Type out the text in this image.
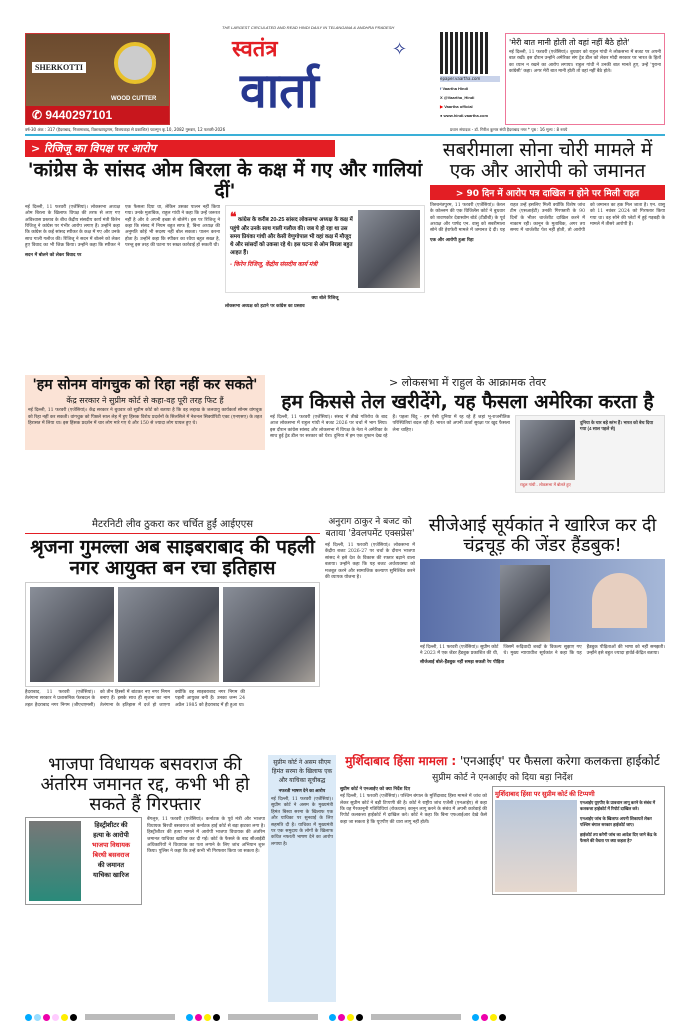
SHERKOTTI
WOOD CUTTER
✆ 9440297101
THE LARGEST CIRCULATED AND READ HINDI DAILY IN TELANGANA & ANDHRA PRADESH
स्वतंत्र	✧
वार्ता	epaper.vaartha.com
f Vaartha Hindi
X @Vaartha_Hindi
▶ Vaartha official
● www.hindi.vaartha.com
'मेरी बात मानी होती तो वहां नहीं बैठे होते'
नई दिल्ली, 11 फरवरी (एजेंसियां)। बुधवार को राहुल गांधी ने लोकसभा में बजट पर अपनी बात रखी। इस दौरान उन्होंने अमेरिका संग ट्रेड डील को लेकर मोदी सरकार पर भारत के हितों का ध्यान न रखने का आरोप लगाया। राहुल गांधी ने उनकी बात मानते हुए, उन्हें 'पुराना कांग्रेसी' कहा। अगर मेरी बात मानी होती तो वहां नहीं बैठे होते।
वर्ष-30 अंक : 317 (हैदराबाद, निजामाबाद, विशाखापट्टणम, विजयवाड़ा से प्रकाशित) फाल्गुन कृ.10, 2082 गुरुवार, 12 फरवरी-2026	प्रधान संपादक - डॉ. गिरीश कुमार संघी हैदराबाद नगर * पृष्ठ : 16 मूल्य : 8 रुपये
> रिजिजू का विपक्ष पर आरोप
'कांग्रेस के सांसद ओम बिरला के कक्ष में गए और गालियां दीं'
नई दिल्ली, 11 फरवरी (एजेंसियां)। लोकसभा अध्यक्ष ओम बिरला के खिलाफ विपक्ष की तरफ से लाए गए अविश्वास प्रस्ताव के बीच केंद्रीय संसदीय कार्य मंत्री किरेन रिजिजू ने कांग्रेस पर गंभीर आरोप लगाए हैं। उन्होंने कहा कि कांग्रेस के कई सांसद स्पीकर के कक्ष में गए और उनके साथ गाली गलौज की। रिजिजू ने सदन में बोलने को लेकर हुए विवाद का भी जिक्र किया। उन्होंने कहा कि स्पीकर ने एक फैसला दिया था, लेकिन उसका पालन नहीं किया गया। उनके मुताबिक, राहुल गांधी ने कहा कि उन्हें जरूरत नहीं है और वे अपनी इच्छा से बोलेंगे। इस पर रिजिजू ने कहा कि संसद में नियम बहुत साफ हैं, बिना अध्यक्ष की अनुमति कोई भी सदस्य नहीं बोल सकता। पालन करना होता है। उन्होंने कहा कि स्पीकर का रवैया बहुत सख्त है, परन्तु इस तरह की घटना पर सख्त कार्रवाई हो सकती थी।
सदन में बोलने को लेकर विवाद पर
❝ कांग्रेस के करीब 20-25 सांसद लोकसभा अध्यक्ष के कक्ष में पहुंचे और उनके साथ गाली गलौज की। जब ये हो रहा था उस समय प्रियंका गांधी और केसी वेणुगोपाल भी वहां कक्ष में मौजूद थे और सांसदों को उकसा रहे थे। इस घटना से ओम बिरला बहुत आहत हैं।
- किरेन रिजिजू, केंद्रीय संसदीय कार्य मंत्री
क्या बोले रिजिजू
लोकसभा अध्यक्ष को हटाने पर कांग्रेस का प्रस्ताव
सबरीमाला सोना चोरी मामले में एक और आरोपी को जमानत
> 90 दिन में आरोप पत्र दाखिल न होने पर मिली राहत
तिरुवनंतपुरम, 11 फरवरी (एजेंसियां)। केरल के कोल्लम की एक विजिलेंस कोर्ट ने बुधवार को त्रावणकोर देवास्वोम बोर्ड (टीडीबी) के पूर्व अध्यक्ष और पार्षद एन. वासु को सबरीमाला सोने की हेराफेरी मामले में जमानत दे दी। यह राहत उन्हें इसलिए मिली क्योंकि विशेष जांच टीम (एसआईटी) उनकी गिरफ्तारी के 90 दिनों के भीतर चार्जशीट दाखिल करने में नाकाम रही। कानून के मुताबिक, अगर तय समय में चार्जशीट पेश नहीं होती, तो आरोपी को जमानत का हक मिल जाता है। एन. वासु को 11 नवंबर 2024 को गिरफ्तार किया गया था। वह सोने की प्लेटों में हुई गड़बड़ी के मामले में तीसरे आरोपी हैं।
एक और आरोपी हुआ रिहा
'हम सोनम वांगचुक को रिहा नहीं कर सकते'
केंद्र सरकार ने सुप्रीम कोर्ट से कहा-वह पूरी तरह फिट हैं
नई दिल्ली, 11 फरवरी (एजेंसियां)। केंद्र सरकार ने बुधवार को सुप्रीम कोर्ट को बताया है कि वह लद्दाख के जलवायु कार्यकर्ता सोनम वांगचुक को रिहा नहीं कर सकती। वांगचुक को पिछले साल लेह में हुए हिंसक विरोध प्रदर्शनों के सिलसिले में नेशनल सिक्योरिटी एक्ट (एनएसए) के तहत हिरासत में लिया था। इस हिंसक प्रदर्शन में चार लोग मारे गए थे और 150 से ज्यादा लोग घायल हुए थे।
> लोकसभा में राहुल के आक्रामक तेवर
हम किससे तेल खरीदेंगे, यह फैसला अमेरिका करता है
नई दिल्ली, 11 फरवरी (एजेंसियां)। संसद में तीखे गतिरोध के बाद आज लोकसभा में राहुल गांधी ने बजट 2026 पर चर्चा में भाग लिया। इस दौरान कांग्रेस सांसद और लोकसभा में विपक्ष के नेता ने अमेरिका के साथ हुई ट्रेड डील पर सरकार को घेरा। दुनिया में हम एक तूफान देख रहे हैं। पहला बिंदु - हम ऐसी दुनिया में रह रहे हैं जहां भू-राजनीतिक परिस्थितियां बदल रही हैं। भारत को अपनी ऊर्जा सुरक्षा पर खुद फैसला लेना चाहिए।
दुनिया के चार बड़े स्तंभ हैं। भारत को बेच दिया गया (4 साल पहले से)
राहुल गांधी - लोकसभा में बोलते हुए
मैटरनिटी लीव ठुकरा कर चर्चित हुईं आईएएस
श्रृजना गुमल्ला अब साइबराबाद की पहली नगर आयुक्त बन रचा इतिहास
हैदराबाद, 11 फरवरी (एजेंसियां)। तेलंगाना सरकार ने प्रशासनिक फेरबदल के तहत हैदराबाद नगर निगम (जीएचएमसी) को तीन हिस्सों में बांटकर नए नगर निगम बनाए हैं। इसके साथ ही सृजना का नाम तेलंगाना के इतिहास में दर्ज हो जाएगा क्योंकि वह साइबराबाद नगर निगम की पहली आयुक्त बनी हैं। उनका जन्म 24 अप्रैल 1985 को हैदराबाद में ही हुआ था।
अनुराग ठाकुर ने बजट को बताया 'डेवलपमेंट एक्सप्रेस'
नई दिल्ली, 11 फरवरी (एजेंसियां)। लोकसभा में केंद्रीय बजट 2026-27 पर चर्चा के दौरान भाजपा सांसद ने इसे देश के विकास की रफ्तार बढ़ाने वाला बताया। उन्होंने कहा कि यह बजट अर्थव्यवस्था को मजबूत करने और सामाजिक कल्याण सुनिश्चित करने की व्यापक योजना है।
सीजेआई सूर्यकांत ने खारिज कर दी चंद्रचूड़ की जेंडर हैंडबुक!
नई दिल्ली, 11 फरवरी (एजेंसियां)। सुप्रीम कोर्ट ने 2023 में एक जेंडर हैंडबुक प्रकाशित की थी, जिसमें रूढ़िवादी शब्दों के विकल्प सुझाए गए थे। मुख्य न्यायाधीश सूर्यकांत ने कहा कि यह हैंडबुक पीड़िताओं की भाषा को नहीं समझती। उन्होंने इसे बहुत ज्यादा हार्वर्ड-केंद्रित बताया।
सीजेआई बोले-हैंडबुक नहीं समझ सकती रेप पीड़िता
भाजपा विधायक बसवराज की अंतरिम जमानत रद्द, कभी भी हो सकते हैं गिरफ्तार
हिस्ट्रीशीटर की
हत्या के आरोपी
भाजपा विधायक
बिरथी बसवराज
की जमानत
याचिका खारिज
बेंगलुरु, 11 फरवरी (एजेंसियां)। कर्नाटक के पूर्व मंत्री और भाजपा विधायक बिरथी बसवराज को कर्नाटक हाई कोर्ट से बड़ा झटका लगा है। हिस्ट्रीशीटर की हत्या मामले में आरोपी भाजपा विधायक की अंतरिम जमानत याचिका खारिज कर दी गई। कोर्ट के फैसले के बाद सीआईडी अधिकारियों ने विधायक का पता लगाने के लिए जांच अभियान शुरू किया। पुलिस ने कहा कि उन्हें कभी भी गिरफ्तार किया जा सकता है।
सुप्रीम कोर्ट ने असम सीएम हिमंत सरमा के खिलाफ एक और याचिका सूचीबद्ध
नफरती भाषण देने का आरोप
नई दिल्ली, 11 फरवरी (एजेंसियां)। सुप्रीम कोर्ट ने असम के मुख्यमंत्री हिमंत बिस्वा सरमा के खिलाफ एक और याचिका पर सुनवाई के लिए सहमति दी है। याचिका में मुख्यमंत्री पर एक समुदाय के लोगों के खिलाफ कथित नफरती भाषण देने का आरोप लगाया है।
मुर्शिदाबाद हिंसा मामला : 'एनआईए' पर फैसला करेगा कलकत्ता हाईकोर्ट
सुप्रीम कोर्ट ने एनआईए को दिया बड़ा निर्देश
सुप्रीम कोर्ट ने एनआईए को क्या निर्देश दिए
नई दिल्ली, 11 फरवरी (एजेंसियां)। पश्चिम बंगाल के मुर्शिदाबाद हिंसा मामले में जांच को लेकर सुप्रीम कोर्ट ने बड़ी टिप्पणी की है। कोर्ट ने राष्ट्रीय जांच एजेंसी (एनआईए) से कहा कि वह गैरकानूनी गतिविधियां (रोकथाम) कानून लागू करने के संबंध में अपनी कार्रवाई की रिपोर्ट कलकत्ता हाईकोर्ट में दाखिल करे। कोर्ट ने कहा कि बिना एफआईआर देखे कैसे कहा जा सकता है कि यूएपीए की धारा लागू नहीं होती।
मुर्शिदाबाद हिंसा पर सुप्रीम कोर्ट की टिप्पणी
एनआईए यूएपीए के प्रावधान लागू करने के संबंध में कलकत्ता हाईकोर्ट में रिपोर्ट दाखिल करे।
एनआईए जांच के खिलाफ अपनी शिकायतें लेकर पश्चिम बंगाल सरकार हाईकोर्ट जाए।
हाईकोर्ट तय करेगी जांच का आदेश दिए जाने केंद्र के फैसले की वैधता पर क्या कहता है?
